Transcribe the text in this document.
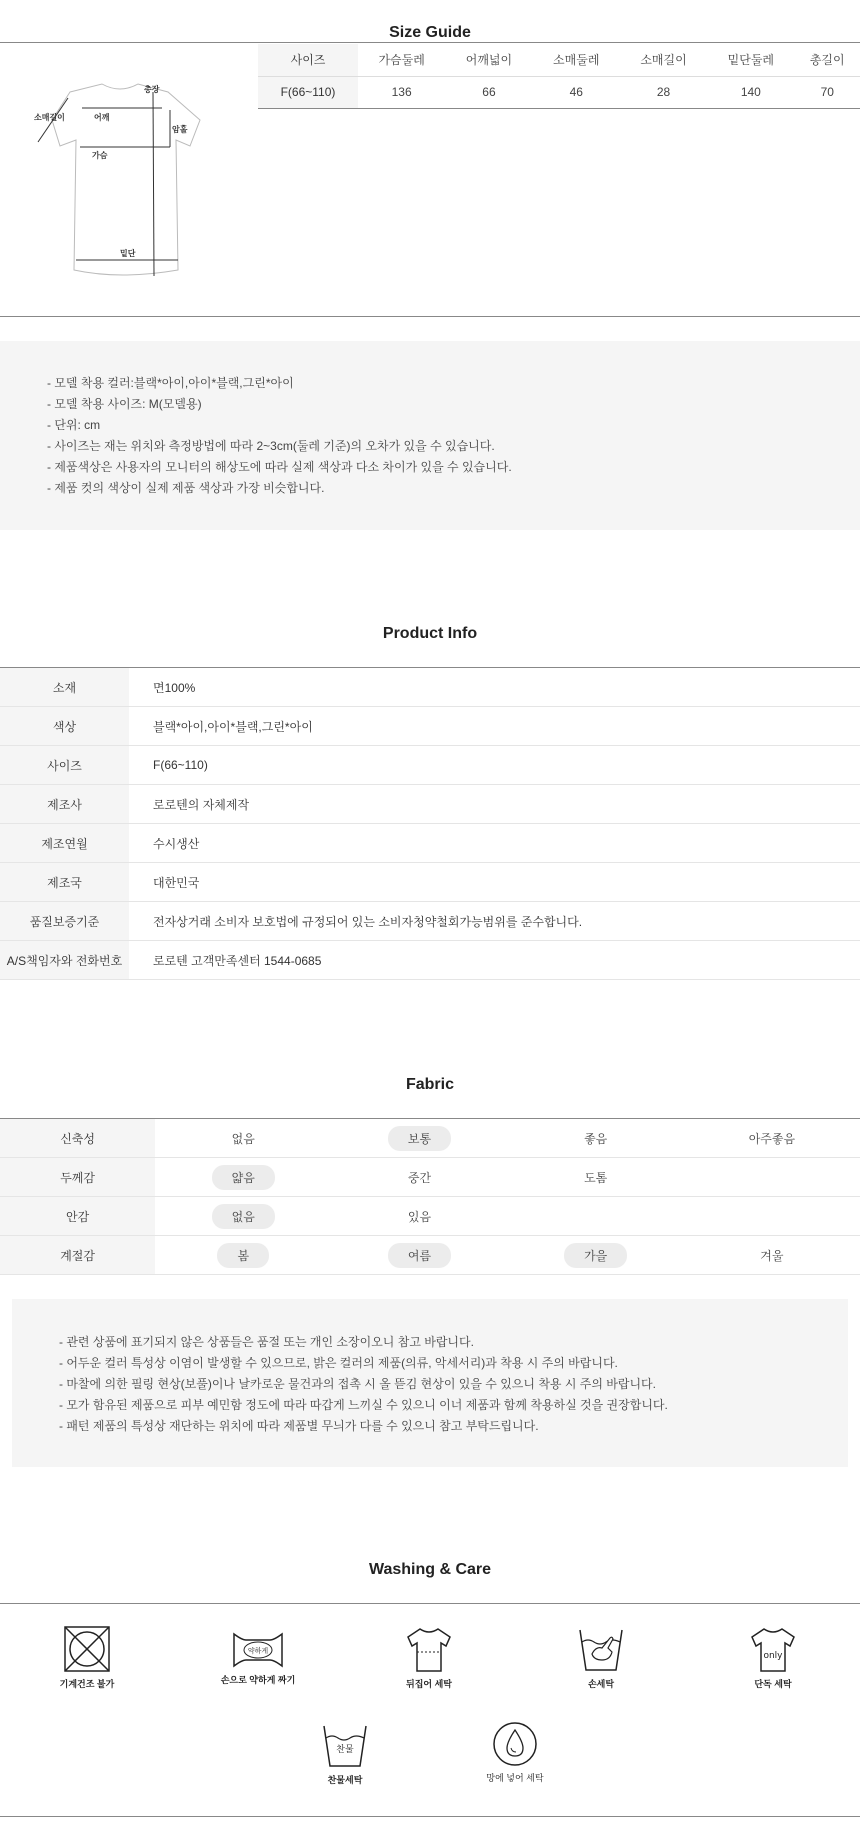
Size Guide
총장
소매길이	어깨
암홀
가슴
밑단
사이즈	가슴둘레	어깨넓이	소매둘레	소매길이	밑단둘레	총길이
F(66~110)	136	66	46	28	140	70
- 모델 착용 컬러:블랙*아이,아이*블랙,그린*아이
- 모델 착용 사이즈: M(모델용)
- 단위: cm
- 사이즈는 재는 위치와 측정방법에 따라 2~3cm(둘레 기준)의 오차가 있을 수 있습니다.
- 제품색상은 사용자의 모니터의 해상도에 따라 실제 색상과 다소 차이가 있을 수 있습니다.
- 제품 컷의 색상이 실제 제품 색상과 가장 비슷합니다.
Product Info
소재	면100%
색상	블랙*아이,아이*블랙,그린*아이
사이즈	F(66~110)
제조사	로로텐의 자체제작
제조연월	수시생산
제조국	대한민국
품질보증기준	전자상거래 소비자 보호법에 규정되어 있는 소비자청약철회가능범위를 준수합니다.
A/S책임자와 전화번호	로로텐 고객만족센터 1544-0685
Fabric
신축성	없음	보통	좋음	아주좋음
두께감	얇음	중간	도톰	
안감	없음	있음		
계절감	봄	여름	가을	겨울
- 관련 상품에 표기되지 않은 상품들은 품절 또는 개인 소장이오니 참고 바랍니다.
- 어두운 컬러 특성상 이염이 발생할 수 있으므로, 밝은 컬러의 제품(의류, 악세서리)과 착용 시 주의 바랍니다.
- 마찰에 의한 필링 현상(보풀)이나 날카로운 물건과의 접촉 시 올 뜯김 현상이 있을 수 있으니 착용 시 주의 바랍니다.
- 모가 함유된 제품으로 피부 예민함 정도에 따라 따갑게 느끼실 수 있으니 이너 제품과 함께 착용하실 것을 권장합니다.
- 패턴 제품의 특성상 재단하는 위치에 따라 제품별 무늬가 다를 수 있으니 참고 부탁드립니다.
Washing & Care
기계건조 불가
약하게
손으로 약하게 짜기	뒤집어 세탁	손세탁
only
단독 세탁
찬물
찬물세탁	망에 넣어 세탁
